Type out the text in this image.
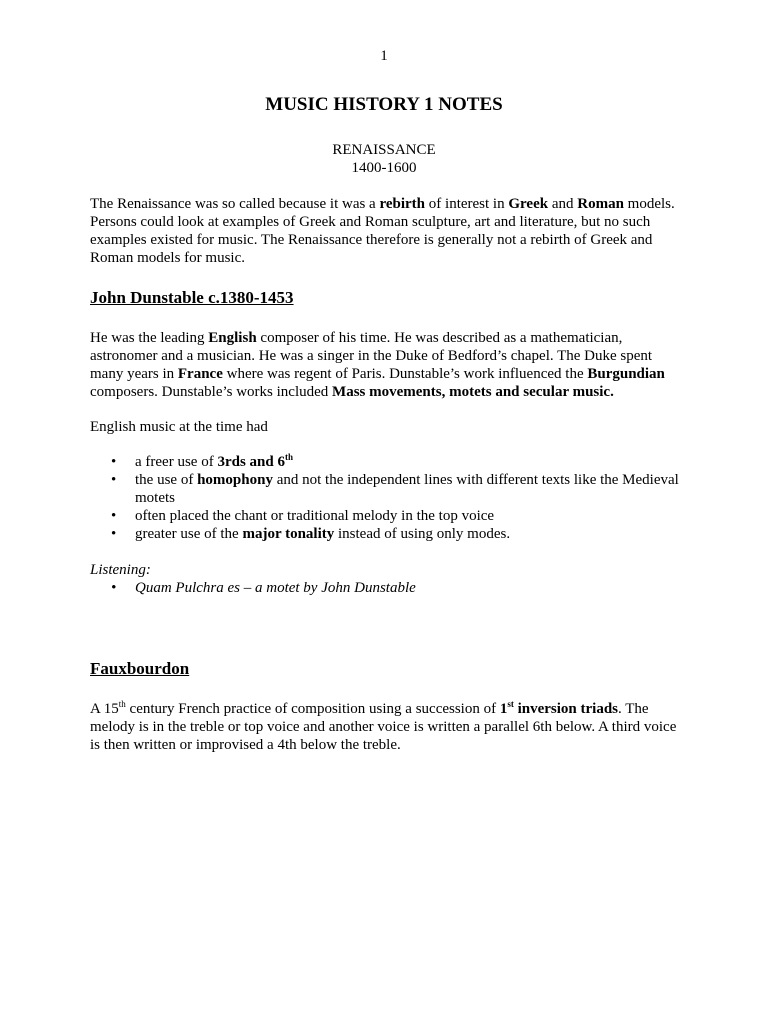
1
MUSIC HISTORY 1 NOTES
RENAISSANCE
1400-1600

The Renaissance was so called because it was a rebirth of interest in Greek and Roman models. Persons could look at examples of Greek and Roman sculpture, art and literature, but no such examples existed for music. The Renaissance therefore is generally not a rebirth of Greek and Roman models for music.

John Dunstable c.1380-1453

He was the leading English composer of his time. He was described as a mathematician, astronomer and a musician. He was a singer in the Duke of Bedford’s chapel. The Duke spent many years in France where was regent of Paris. Dunstable’s work influenced the Burgundian composers. Dunstable’s works included Mass movements, motets and secular music.

English music at the time had

• a freer use of 3rds and 6th
• the use of homophony and not the independent lines with different texts like the Medieval motets
• often placed the chant or traditional melody in the top voice
• greater use of the major tonality instead of using only modes.
Listening:
• Quam Pulchra es – a motet by John Dunstable
Fauxbourdon

A 15th century French practice of composition using a succession of 1st inversion triads. The melody is in the treble or top voice and another voice is written a parallel 6th below. A third voice is then written or improvised a 4th below the treble.
